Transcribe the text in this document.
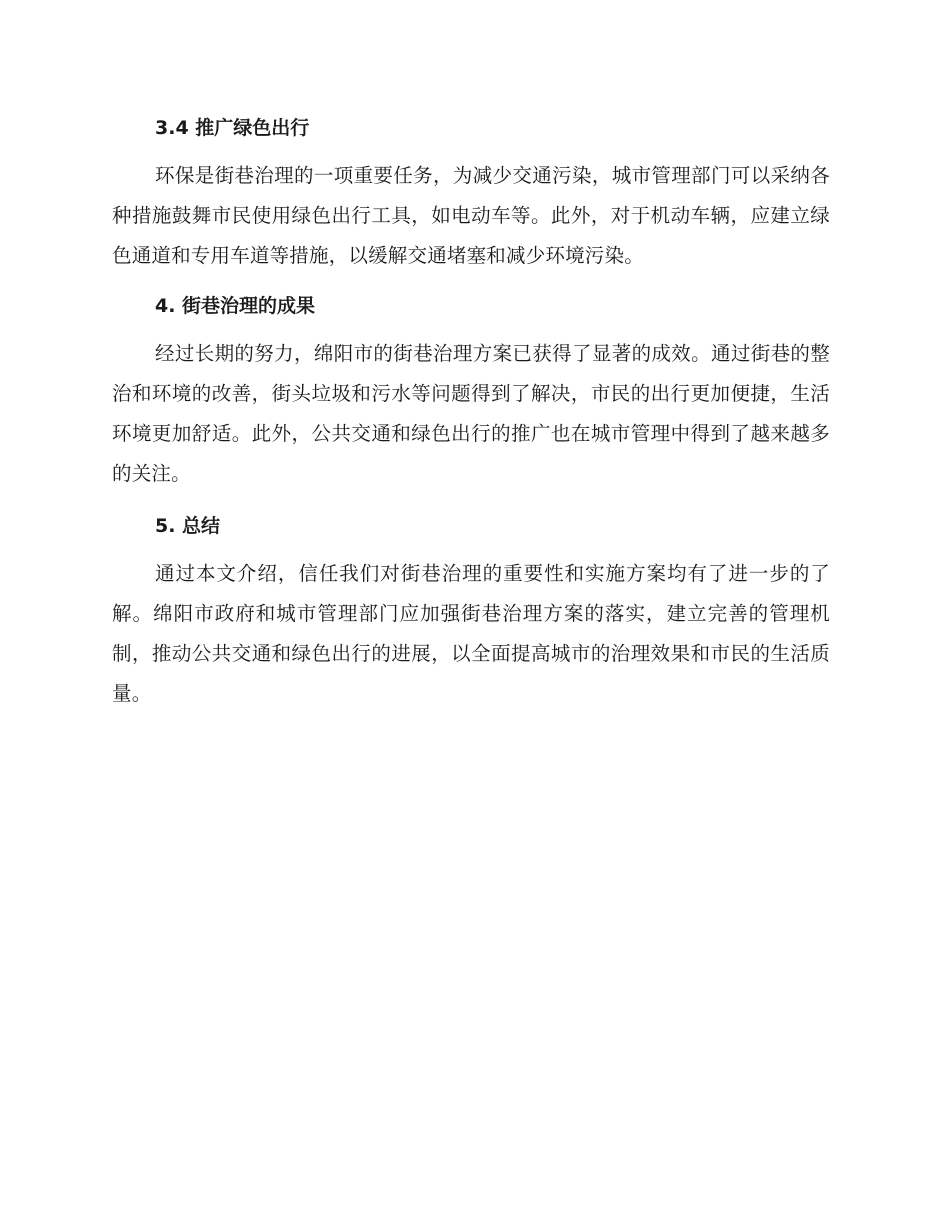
3.4 推广绿色出行

环保是街巷治理的一项重要任务，为减少交通污染，城市管理部门可以采纳各种措施鼓舞市民使用绿色出行工具，如电动车等。此外，对于机动车辆，应建立绿色通道和专用车道等措施，以缓解交通堵塞和减少环境污染。

4. 街巷治理的成果

经过长期的努力，绵阳市的街巷治理方案已获得了显著的成效。通过街巷的整治和环境的改善，街头垃圾和污水等问题得到了解决，市民的出行更加便捷，生活环境更加舒适。此外，公共交通和绿色出行的推广也在城市管理中得到了越来越多的关注。

5. 总结

通过本文介绍，信任我们对街巷治理的重要性和实施方案均有了进一步的了解。绵阳市政府和城市管理部门应加强街巷治理方案的落实，建立完善的管理机制，推动公共交通和绿色出行的进展，以全面提高城市的治理效果和市民的生活质量。
